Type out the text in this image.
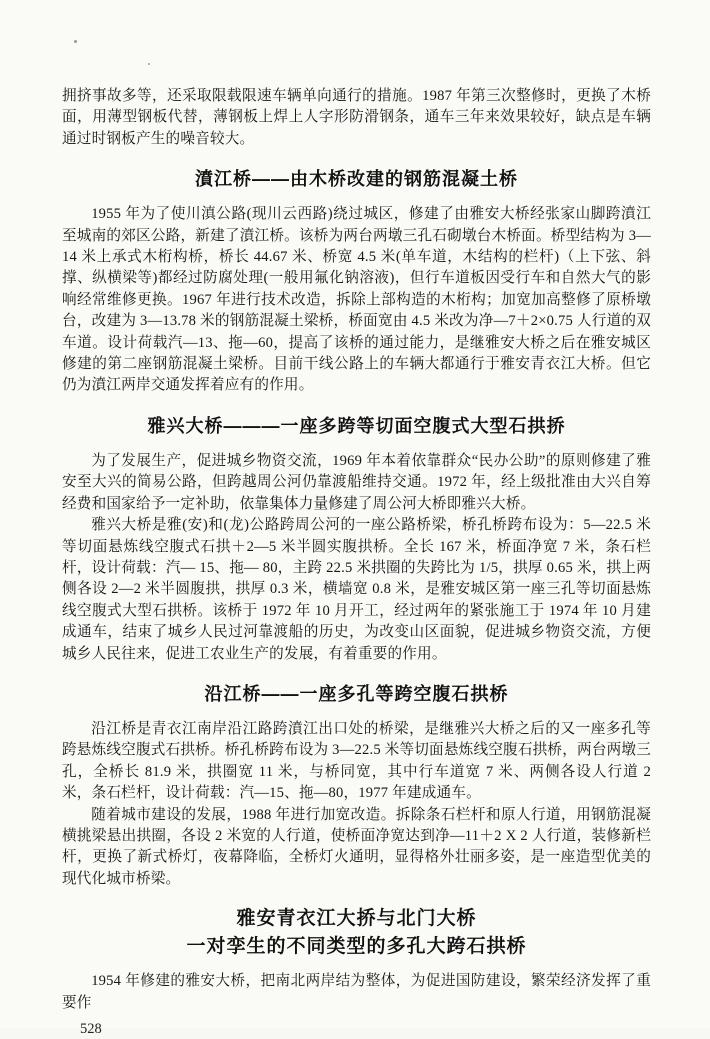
拥挤事故多等，还采取限载限速车辆单向通行的措施。1987 年第三次整修时，更换了木桥面，用薄型钢板代替，薄钢板上焊上人字形防滑钢条，通车三年来效果较好，缺点是车辆通过时钢板产生的噪音较大。

濆江桥——由木桥改建的钢筋混凝土桥

1955 年为了使川滇公路(现川云西路)绕过城区，修建了由雅安大桥经张家山脚跨濆江至城南的郊区公路，新建了濆江桥。该桥为两台两墩三孔石砌墩台木桥面。桥型结构为 3—14 米上承式木桁构桥，桥长 44.67 米、桥宽 4.5 米(单车道，木结构的栏杆)（上下弦、斜撑、纵横梁等)都经过防腐处理(一般用氟化钠溶液)，但行车道板因受行车和自然大气的影响经常维修更换。1967 年进行技术改造，拆除上部构造的木桁构；加宽加高整修了原桥墩台，改建为 3—13.78 米的钢筋混凝土梁桥，桥面宽由 4.5 米改为净—7＋2×0.75 人行道的双车道。设计荷载汽—13、拖—60，提高了该桥的通过能力，是继雅安大桥之后在雅安城区修建的第二座钢筋混凝土梁桥。目前干线公路上的车辆大都通行于雅安青衣江大桥。但它仍为濆江两岸交通发挥着应有的作用。

雅兴大桥———一座多跨等切面空腹式大型石拱挢

为了发展生产，促进城乡物资交流，1969 年本着依靠群众“民办公助”的原则修建了雅安至大兴的简易公路，但跨越周公河仍靠渡船维持交通。1972 年，经上级批准由大兴自筹经费和国家给予一定补助，依靠集体力量修建了周公河大桥即雅兴大桥。

雅兴大桥是雅(安)和(龙)公路跨周公河的一座公路桥梁，桥孔桥跨布设为：5—22.5 米等切面悬炼线空腹式石拱＋2—5 米半圆实腹拱桥。全长 167 米，桥面净宽 7 米，条石栏杆，设计荷载：汽— 15、拖— 80，主跨 22.5 米拱圈的失跨比为 1/5，拱厚 0.65 米，拱上两侧各设 2—2 米半圆腹拱，拱厚 0.3 米，横墙宽 0.8 米，是雅安城区第一座三孔等切面悬炼线空腹式大型石拱桥。该桥于 1972 年 10 月开工，经过两年的紧张施工于 1974 年 10 月建成通车，结束了城乡人民过河靠渡船的历史，为改变山区面貌，促进城乡物资交流，方便城乡人民往来，促进工农业生产的发展，有着重要的作用。

沿江桥——一座多孔等跨空腹石拱桥

沿江桥是青衣江南岸沿江路跨濆江出口处的桥梁，是继雅兴大桥之后的又一座多孔等跨悬炼线空腹式石拱桥。桥孔桥跨布设为 3—22.5 米等切面悬炼线空腹石拱桥，两台两墩三孔，全桥长 81.9 米，拱圈宽 11 米，与桥同宽，其中行车道宽 7 米、两侧各设人行道 2 米，条石栏杆，设计荷载：汽—15、拖—80，1977 年建成通车。

随着城市建设的发展，1988 年进行加宽改造。拆除条石栏杆和原人行道，用钢筋混凝横挑梁悬出拱圈，各设 2 米宽的人行道，使桥面净宽达到净—11＋2 X 2 人行道，装修新栏杆，更换了新式桥灯，夜幕降临，全桥灯火通明，显得格外壮丽多姿，是一座造型优美的现代化城市桥梁。

雅安青衣江大挢与北门大桥
一对孪生的不同类型的多孔大跨石拱桥

1954 年修建的雅安大桥，把南北两岸结为整体，为促进国防建设，繁荣经济发挥了重要作

528
